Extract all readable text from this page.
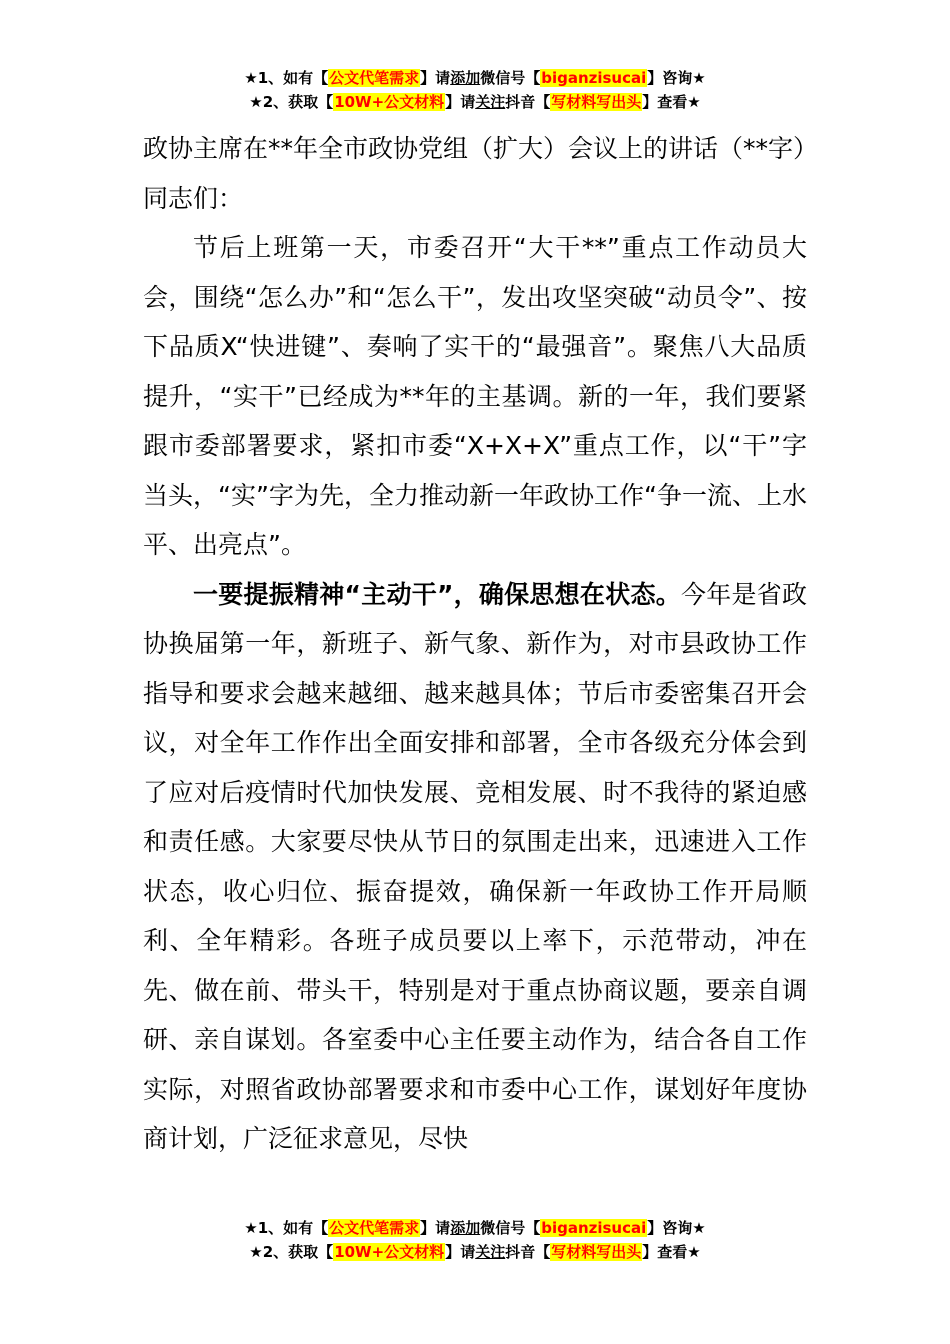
★1、如有【公文代笔需求】请添加微信号【biganzisucai】咨询★
★2、获取【10W+公文材料】请关注抖音【写材料写出头】查看★

政协主席在**年全市政协党组（扩大）会议上的讲话（**字）

同志们：

节后上班第一天，市委召开“大干**”重点工作动员大会，围绕“怎么办”和“怎么干”，发出攻坚突破“动员令”、按下品质X“快进键”、奏响了实干的“最强音”。聚焦八大品质提升，“实干”已经成为**年的主基调。新的一年，我们要紧跟市委部署要求，紧扣市委“X+X+X”重点工作，以“干”字当头，“实”字为先，全力推动新一年政协工作“争一流、上水平、出亮点”。

一要提振精神“主动干”，确保思想在状态。今年是省政协换届第一年，新班子、新气象、新作为，对市县政协工作指导和要求会越来越细、越来越具体；节后市委密集召开会议，对全年工作作出全面安排和部署，全市各级充分体会到了应对后疫情时代加快发展、竞相发展、时不我待的紧迫感和责任感。大家要尽快从节日的氛围走出来，迅速进入工作状态，收心归位、振奋提效，确保新一年政协工作开局顺利、全年精彩。各班子成员要以上率下，示范带动，冲在先、做在前、带头干，特别是对于重点协商议题，要亲自调研、亲自谋划。各室委中心主任要主动作为，结合各自工作实际，对照省政协部署要求和市委中心工作，谋划好年度协商计划，广泛征求意见，尽快

★1、如有【公文代笔需求】请添加微信号【biganzisucai】咨询★
★2、获取【10W+公文材料】请关注抖音【写材料写出头】查看★
